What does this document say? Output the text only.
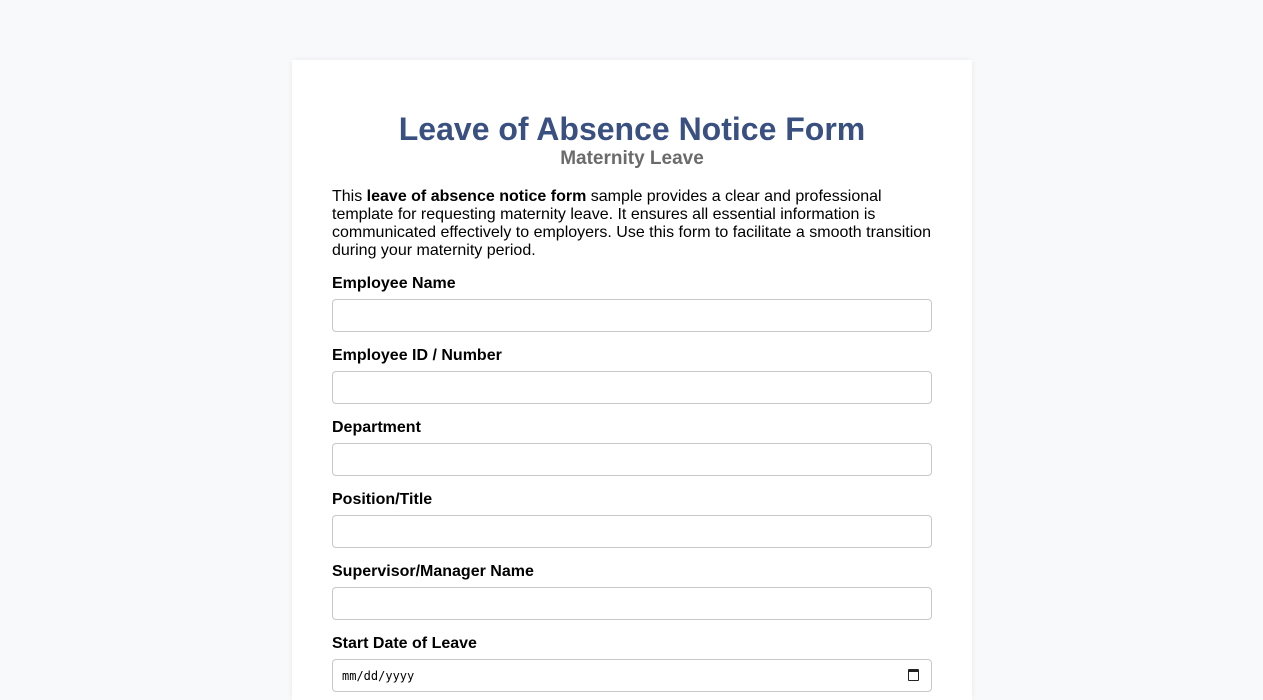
Leave of Absence Notice Form
Maternity Leave

This leave of absence notice form sample provides a clear and professional template for requesting maternity leave. It ensures all essential information is communicated effectively to employers. Use this form to facilitate a smooth transition during your maternity period.

Employee Name
Employee ID / Number
Department
Position/Title
Supervisor/Manager Name
Start Date of Leave
mm/dd/yyyy
